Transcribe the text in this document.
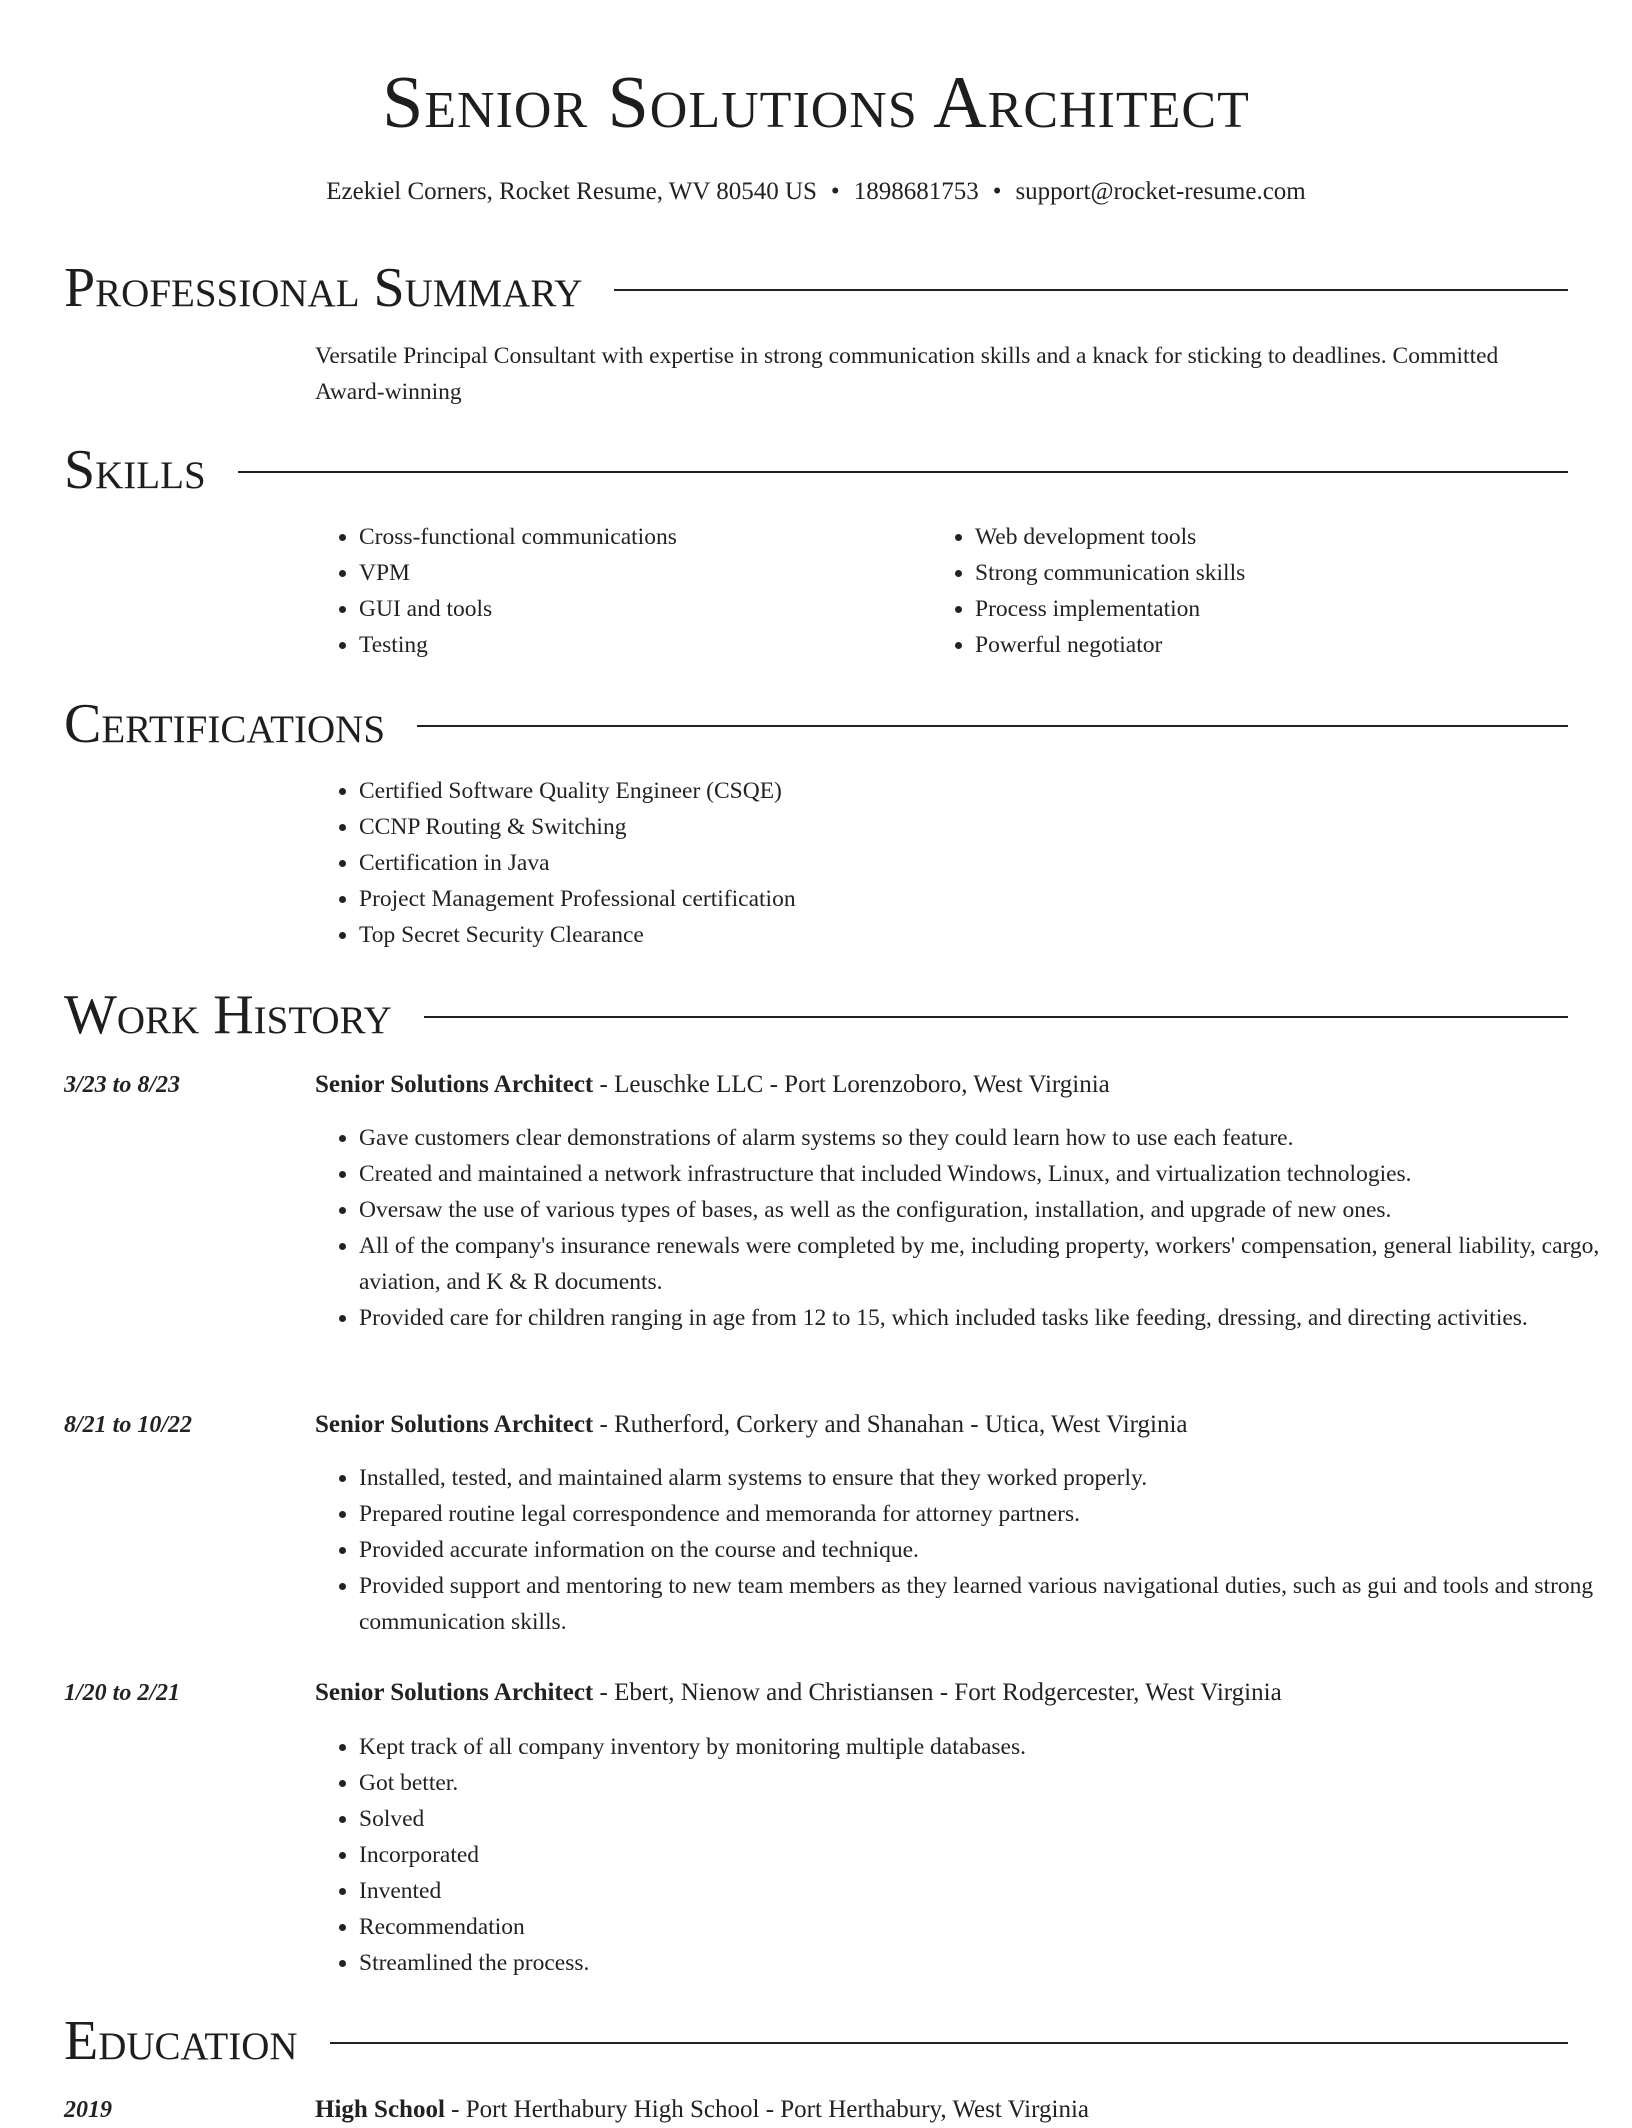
Senior Solutions Architect
Ezekiel Corners, Rocket Resume, WV 80540 US • 1898681753 • support@rocket-resume.com
Professional Summary

Versatile Principal Consultant with expertise in strong communication skills and a knack for sticking to deadlines. Committed Award-winning

Skills
• Cross-functional communications
• VPM
• GUI and tools
• Testing
• Web development tools
• Strong communication skills
• Process implementation
• Powerful negotiator
Certifications
• Certified Software Quality Engineer (CSQE)
• CCNP Routing & Switching
• Certification in Java
• Project Management Professional certification
• Top Secret Security Clearance
Work History
3/23 to 8/23	Senior Solutions Architect - Leuschke LLC - Port Lorenzoboro, West Virginia
• Gave customers clear demonstrations of alarm systems so they could learn how to use each feature.
• Created and maintained a network infrastructure that included Windows, Linux, and virtualization technologies.
• Oversaw the use of various types of bases, as well as the configuration, installation, and upgrade of new ones.
• All of the company's insurance renewals were completed by me, including property, workers' compensation, general liability, cargo, aviation, and K & R documents.
• Provided care for children ranging in age from 12 to 15, which included tasks like feeding, dressing, and directing activities.
8/21 to 10/22	Senior Solutions Architect - Rutherford, Corkery and Shanahan - Utica, West Virginia
• Installed, tested, and maintained alarm systems to ensure that they worked properly.
• Prepared routine legal correspondence and memoranda for attorney partners.
• Provided accurate information on the course and technique.
• Provided support and mentoring to new team members as they learned various navigational duties, such as gui and tools and strong communication skills.
1/20 to 2/21	Senior Solutions Architect - Ebert, Nienow and Christiansen - Fort Rodgercester, West Virginia
• Kept track of all company inventory by monitoring multiple databases.
• Got better.
• Solved
• Incorporated
• Invented
• Recommendation
• Streamlined the process.
Education
2019	High School - Port Herthabury High School - Port Herthabury, West Virginia
